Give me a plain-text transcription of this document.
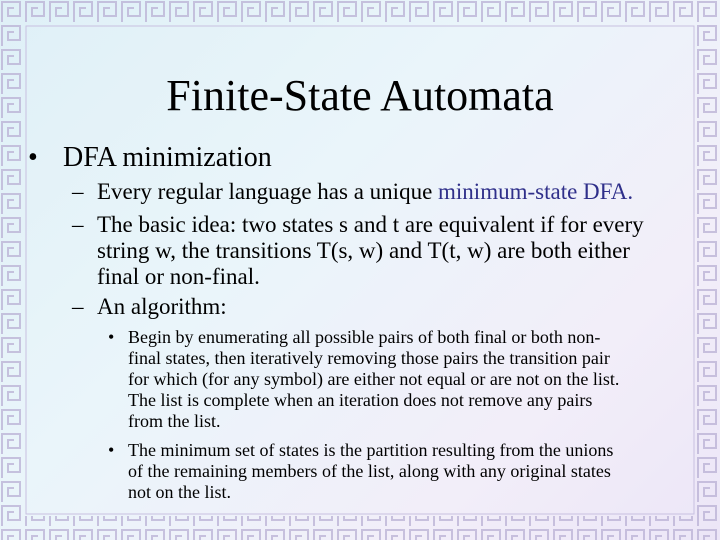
Finite-State Automata
• DFA minimization
– Every regular language has a unique minimum-state DFA.
– The basic idea: two states s and t are equivalent if for every
string w, the transitions T(s, w) and T(t, w) are both either
final or non-final.
– An algorithm:
• Begin by enumerating all possible pairs of both final or both non-
final states, then iteratively removing those pairs the transition pair
for which (for any symbol) are either not equal or are not on the list.
The list is complete when an iteration does not remove any pairs
from the list.
• The minimum set of states is the partition resulting from the unions
of the remaining members of the list, along with any original states
not on the list.
